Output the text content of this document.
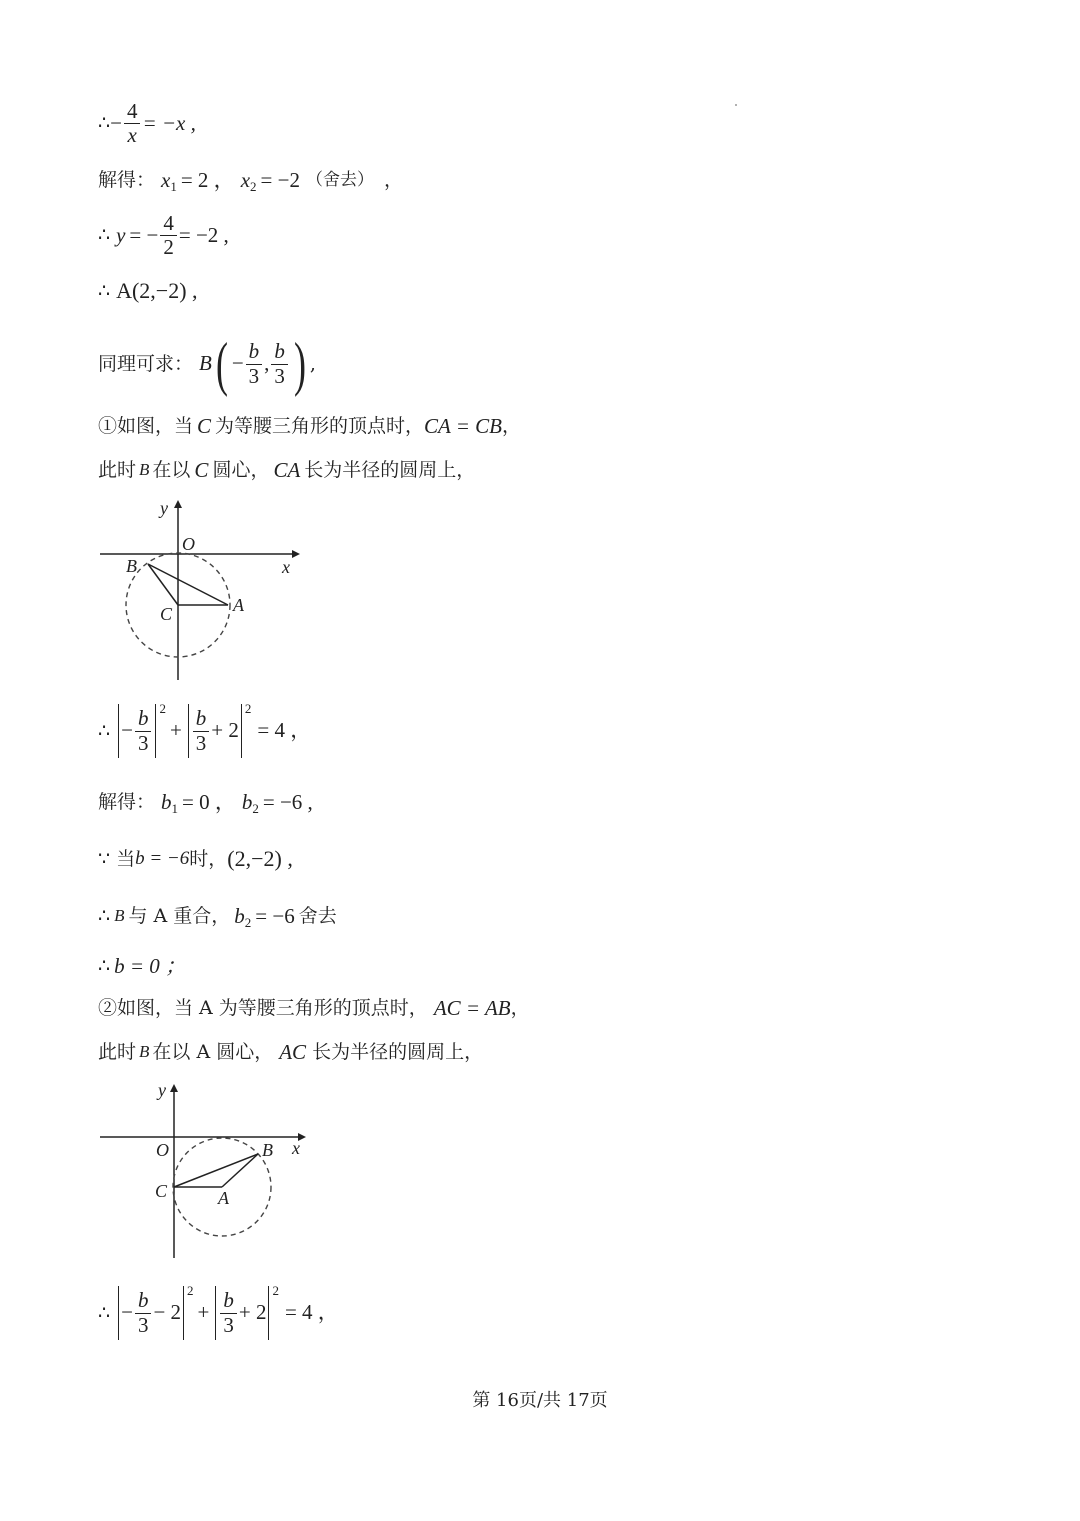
∴ − $\frac{4}{x} = -x$ ,
解得： x 1 = 2 ， x 2 = −2 （舍去） ，
∴ y = − $\frac{4}{2} = -2$ ,
∴ A(2,−2) ,
同理可求： B ( − $\frac{b}{3}$ , $\frac{b}{3}$ ) ,
①如图，当 C 为等腰三角形的顶点时， CA = CB ，
此时 B 在以 C 圆心， CA 长为半径的圆周上，
y
O
x
B
C	A
∴ − $\frac{b}{3} 2$
+ $\frac{b}{3} + 2$
2
= 4 ，
解得： b 1 = 0 ， b 2 = −6 ,
∵ 当 b = −6 时， (2,−2) ,
∴ B 与 A 重合， b 2 = −6 舍去
∴ b = 0 ；
②如图，当 A 为等腰三角形的顶点时， AC = AB ，
此时 B 在以 A 圆心， AC 长为半径的圆周上，
y
O	x
B
C	A
∴ − $\frac{b}{3} - 2$
2
+ $\frac{b}{3} + 2$
2
= 4 ，
第 16页/共 17页
